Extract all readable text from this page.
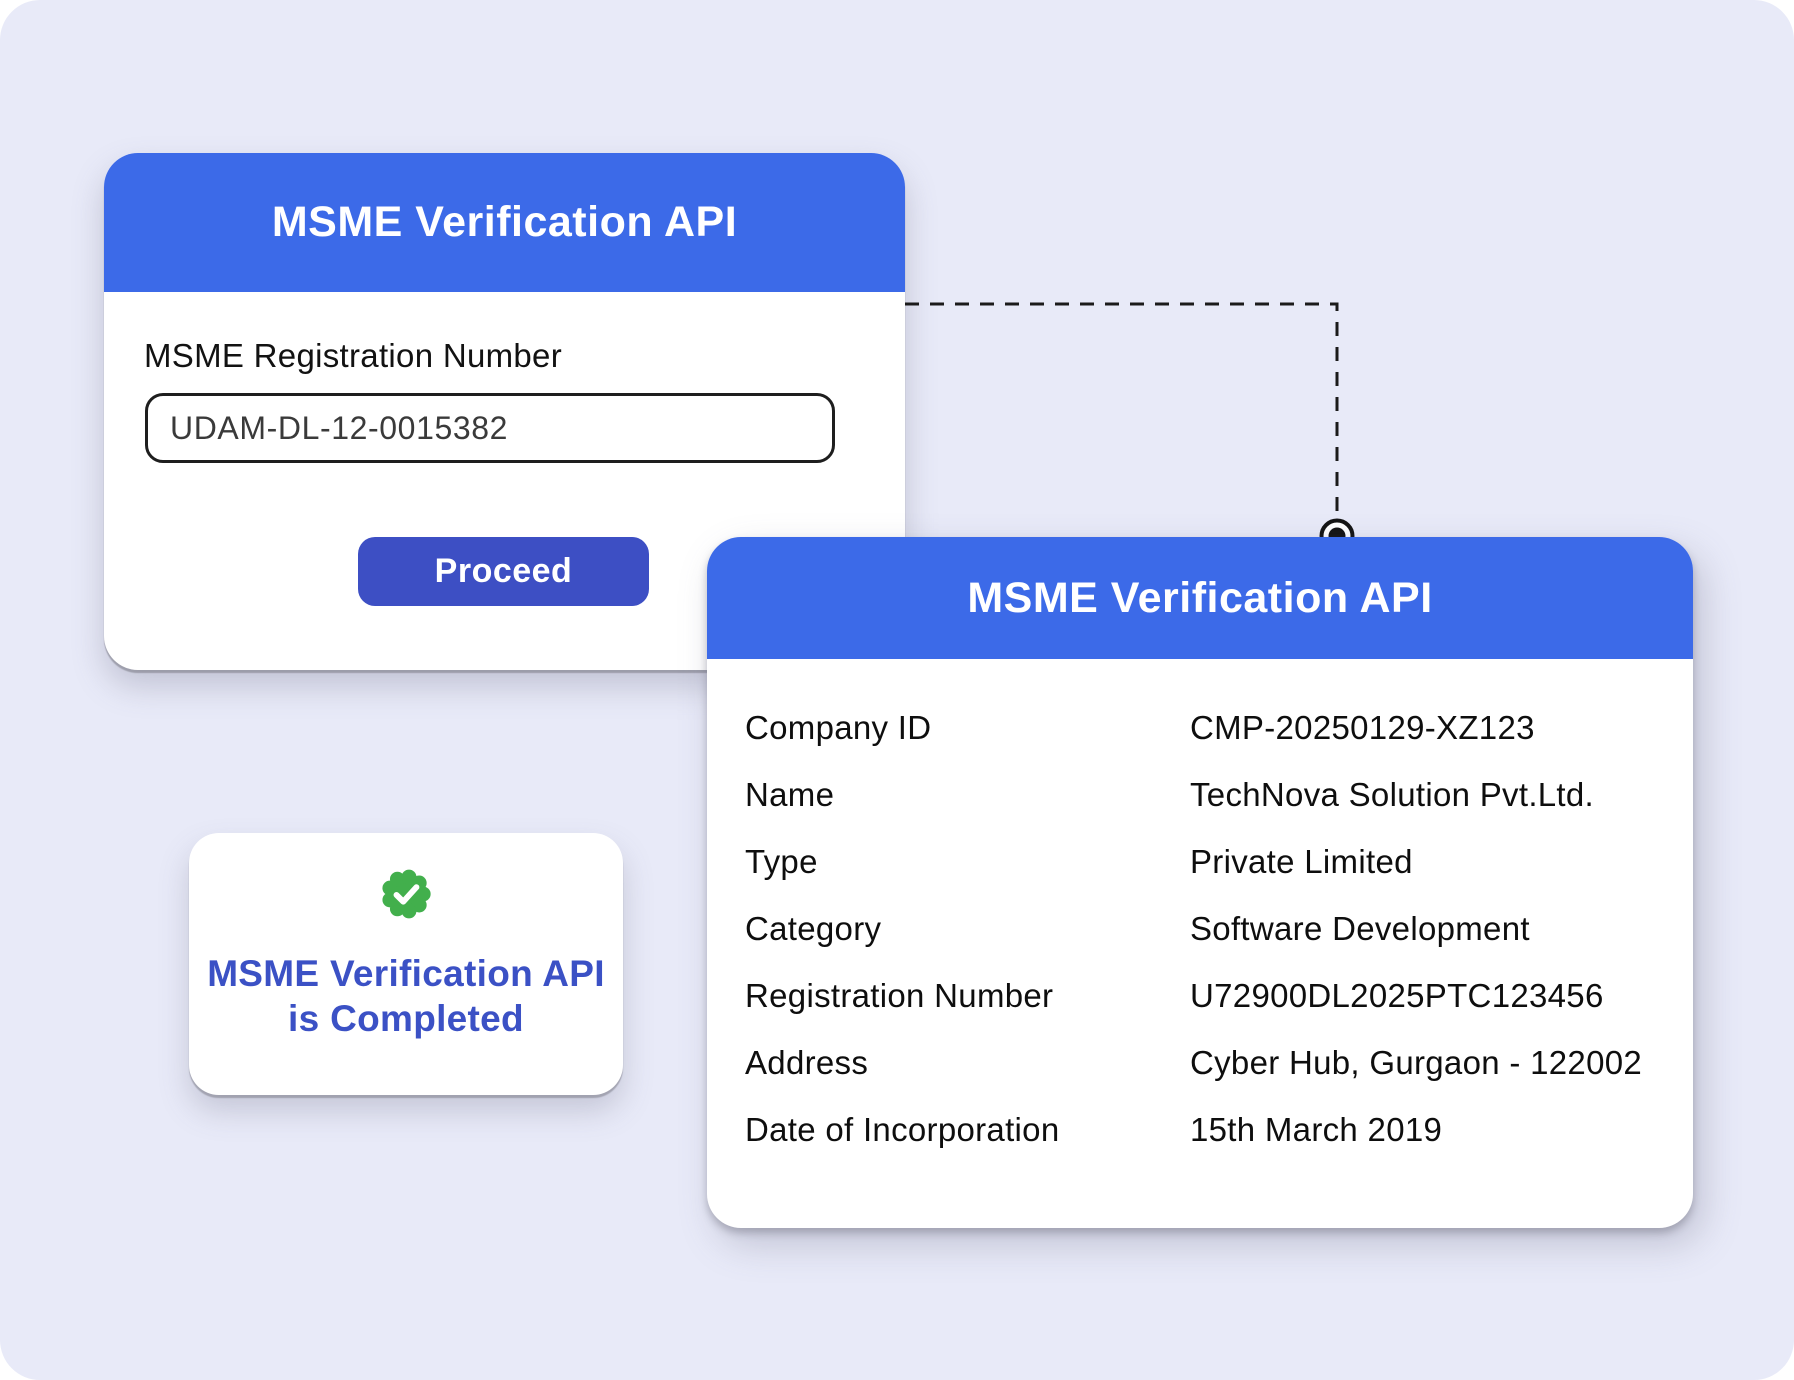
MSME Verification API
MSME Registration Number
UDAM-DL-12-0015382
Proceed
MSME Verification API
Company ID	CMP-20250129-XZ123
Name	TechNova Solution Pvt.Ltd.
Type	Private Limited
Category	Software Development
Registration Number	U72900DL2025PTC123456
Address	Cyber Hub, Gurgaon - 122002
Date of Incorporation	15th March 2019
MSME Verification API
is Completed
